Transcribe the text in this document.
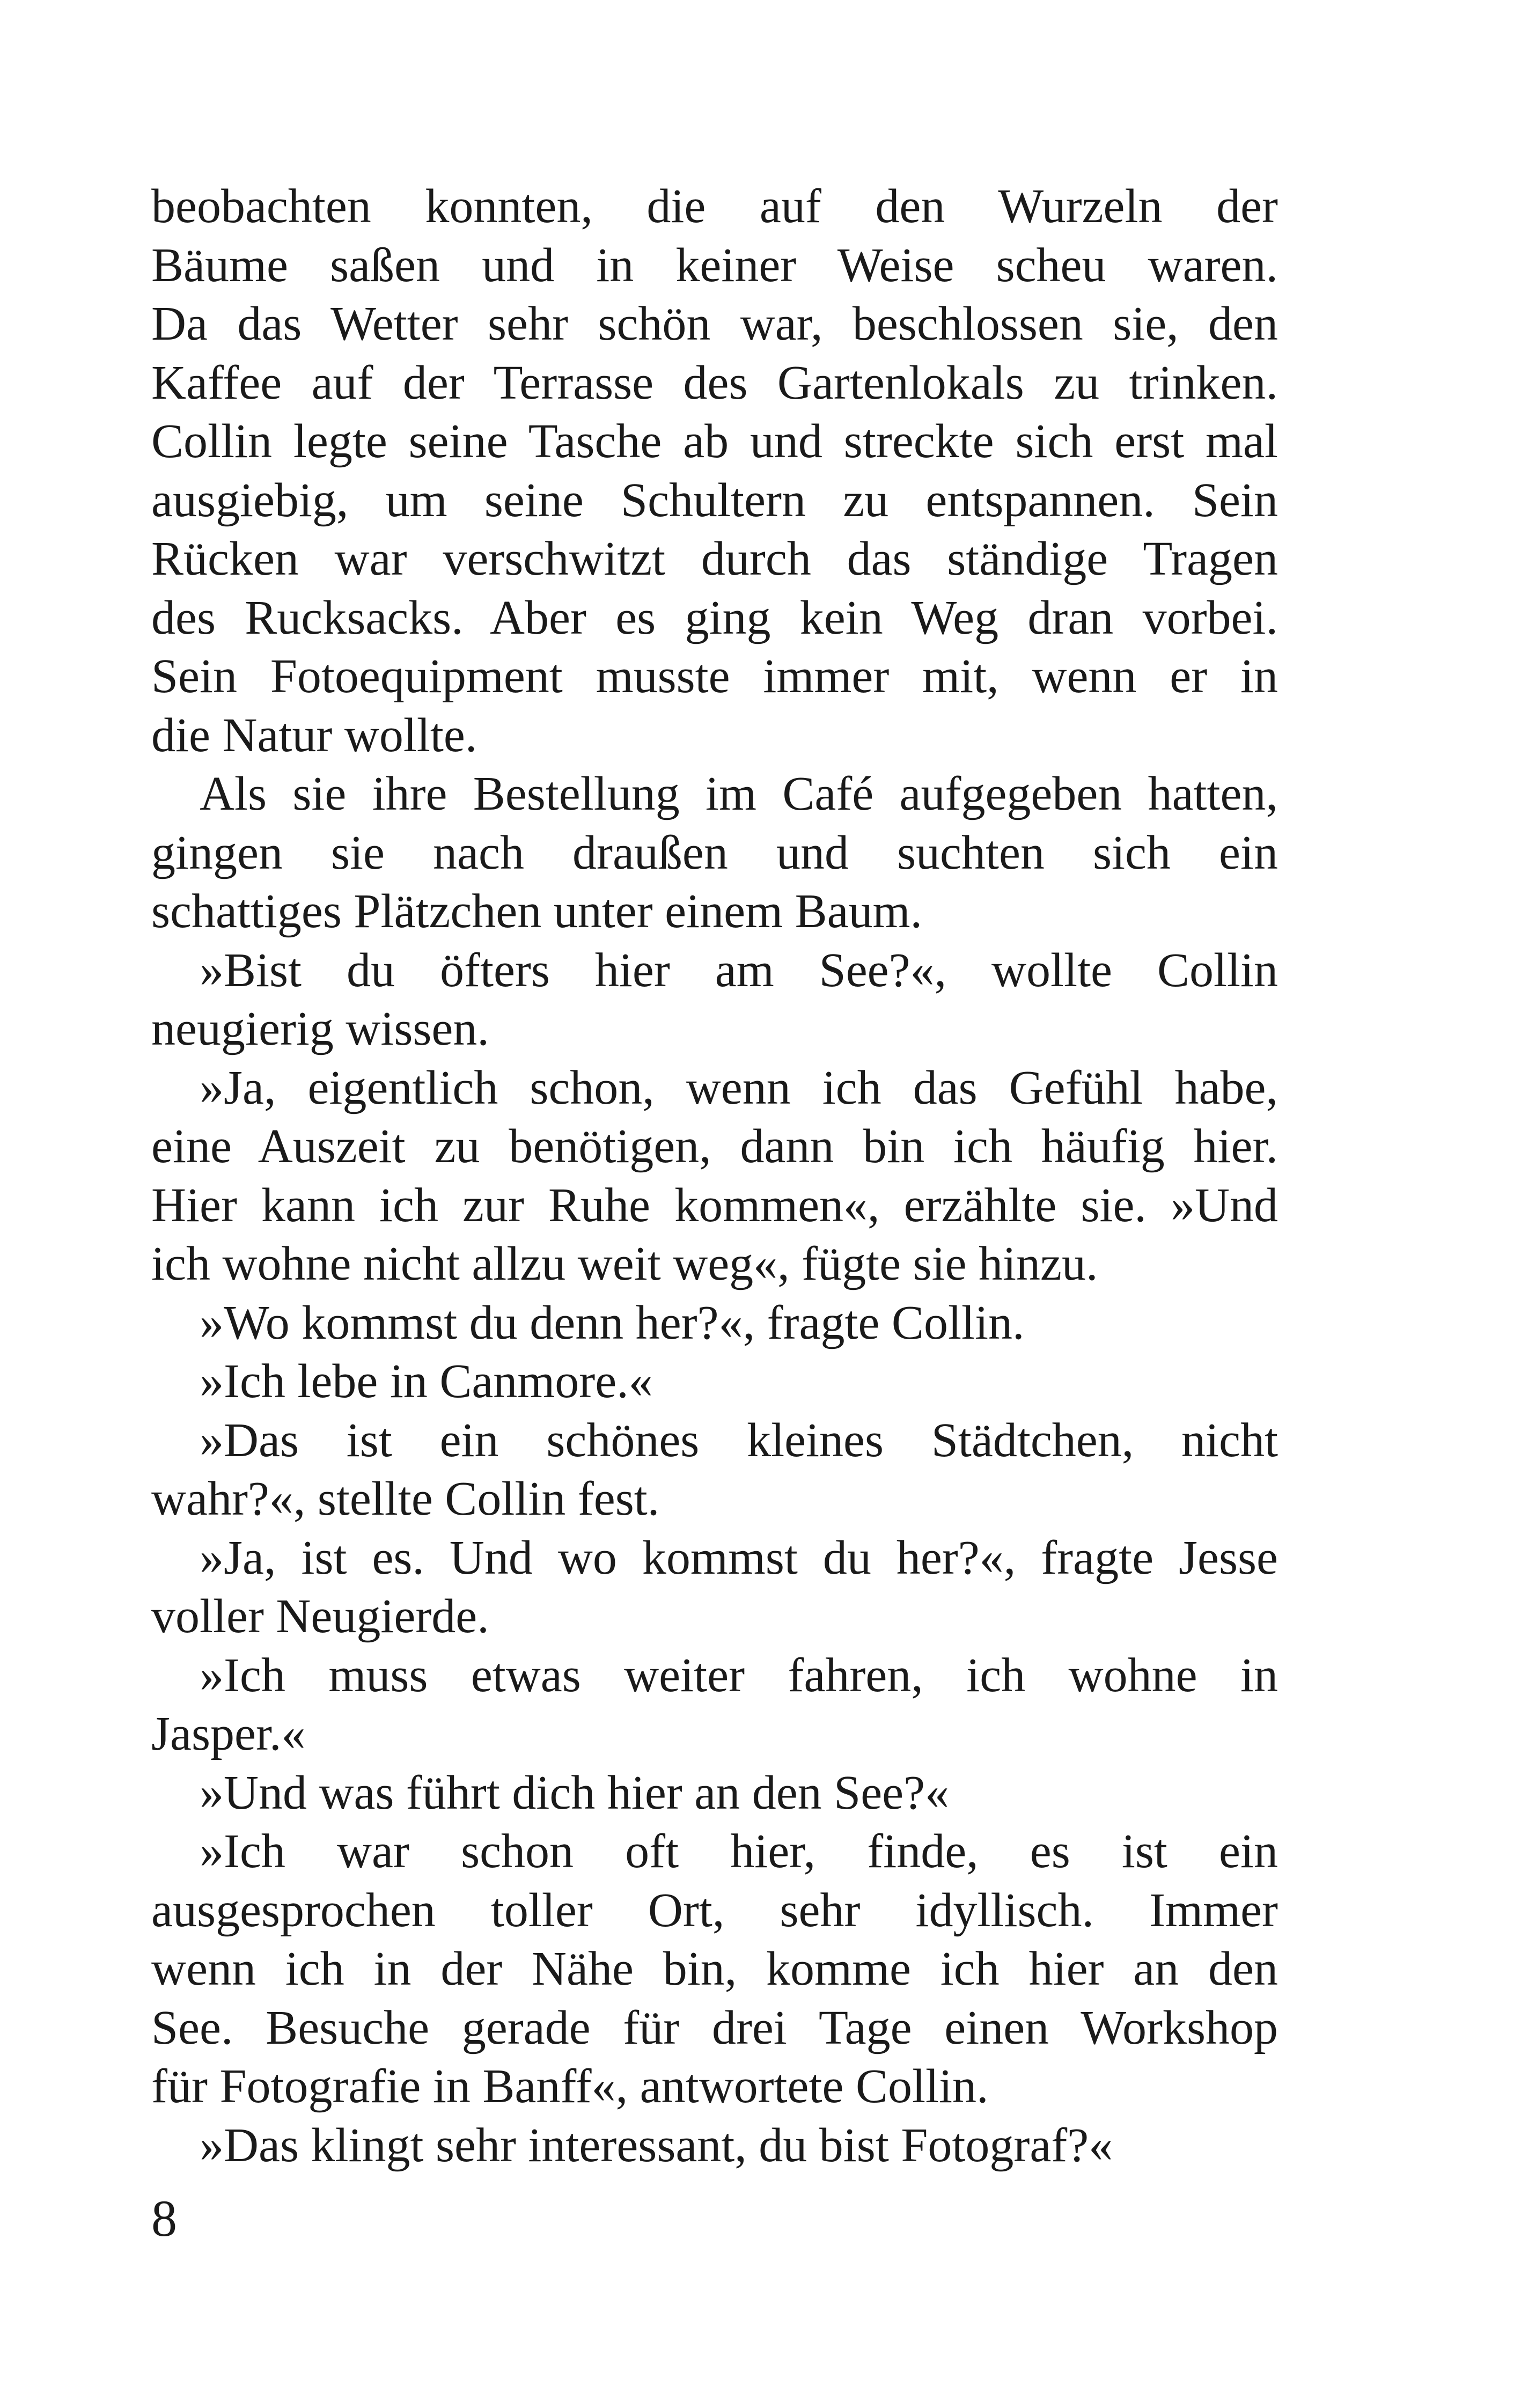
beobachten konnten, die auf den Wurzeln der
Bäume saßen und in keiner Weise scheu waren.
Da das Wetter sehr schön war, beschlossen sie, den
Kaffee auf der Terrasse des Gartenlokals zu trinken.
Collin legte seine Tasche ab und streckte sich erst mal
ausgiebig, um seine Schultern zu entspannen. Sein
Rücken war verschwitzt durch das ständige Tragen
des Rucksacks. Aber es ging kein Weg dran vorbei.
Sein Fotoequipment musste immer mit, wenn er in
die Natur wollte.
Als sie ihre Bestellung im Café aufgegeben hatten,
gingen sie nach draußen und suchten sich ein
schattiges Plätzchen unter einem Baum.
»Bist du öfters hier am See?«, wollte Collin
neugierig wissen.
»Ja, eigentlich schon, wenn ich das Gefühl habe,
eine Auszeit zu benötigen, dann bin ich häufig hier.
Hier kann ich zur Ruhe kommen«, erzählte sie. »Und
ich wohne nicht allzu weit weg«, fügte sie hinzu.
»Wo kommst du denn her?«, fragte Collin.
»Ich lebe in Canmore.«
»Das ist ein schönes kleines Städtchen, nicht
wahr?«, stellte Collin fest.
»Ja, ist es. Und wo kommst du her?«, fragte Jesse
voller Neugierde.
»Ich muss etwas weiter fahren, ich wohne in
Jasper.«
»Und was führt dich hier an den See?«
»Ich war schon oft hier, finde, es ist ein
ausgesprochen toller Ort, sehr idyllisch. Immer
wenn ich in der Nähe bin, komme ich hier an den
See. Besuche gerade für drei Tage einen Workshop
für Fotografie in Banff«, antwortete Collin.
»Das klingt sehr interessant, du bist Fotograf?«
8
